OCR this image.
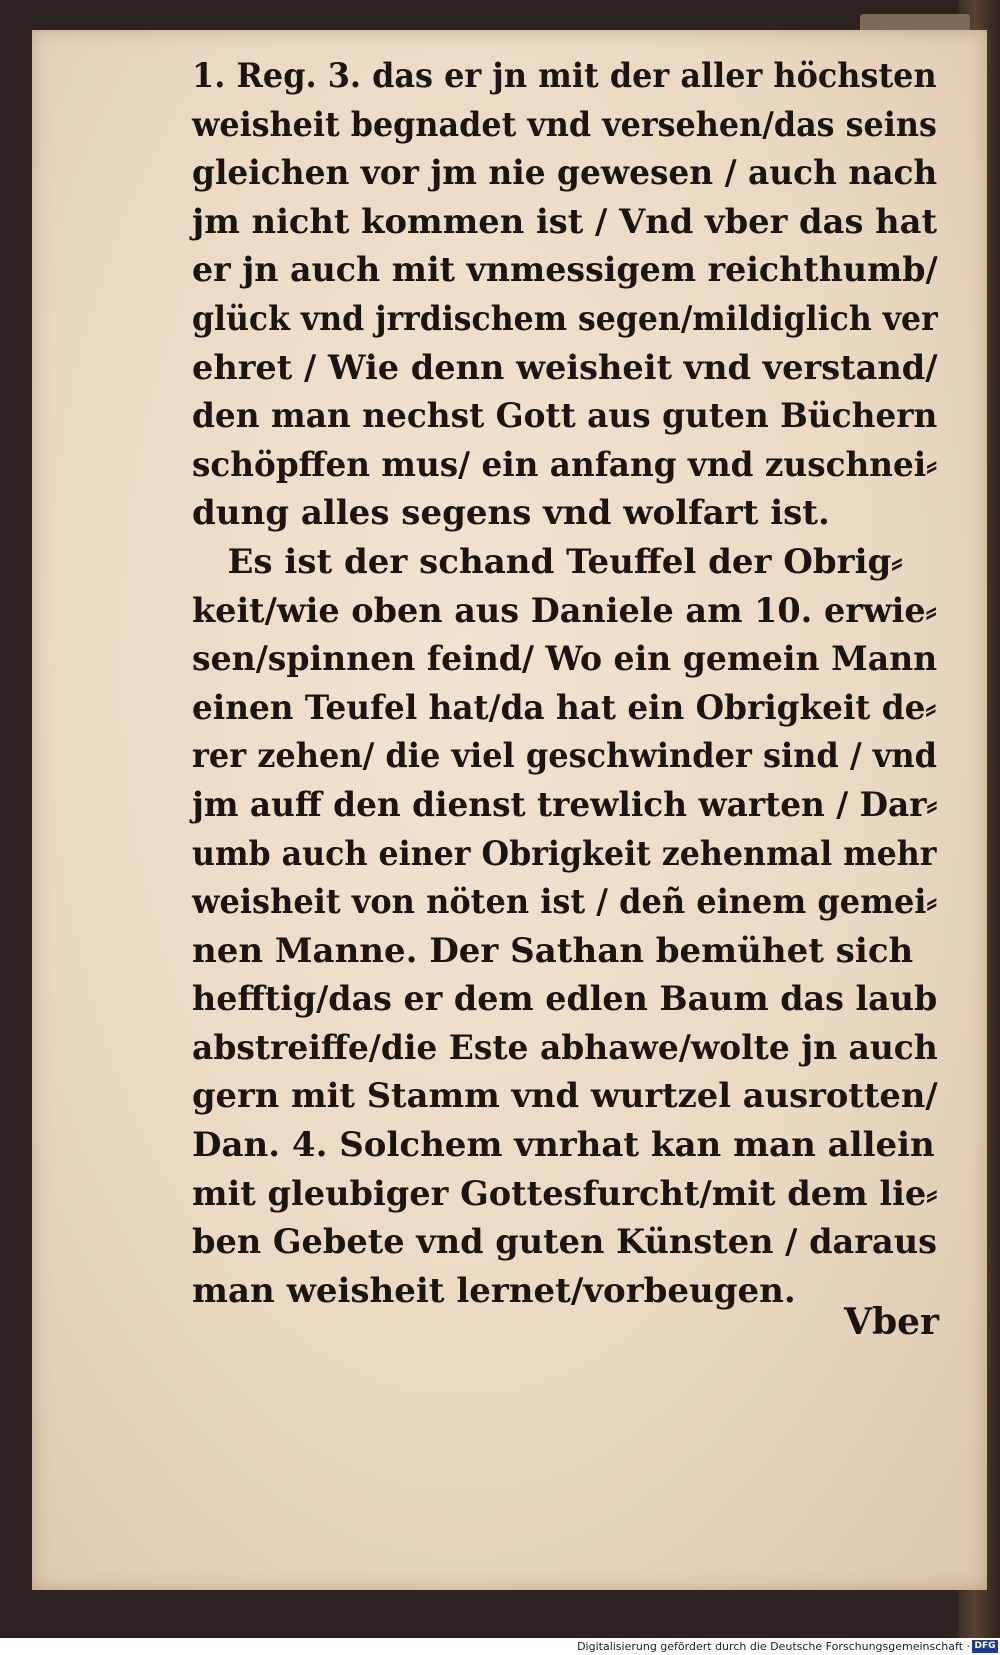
1. Reg. 3. das er jn mit der aller höchsten
weisheit begnadet vnd versehen/das seins
gleichen vor jm nie gewesen / auch nach
jm nicht kommen ist / Vnd vber das hat
er jn auch mit vnmessigem reichthumb/
glück vnd jrrdischem segen/mildiglich ver
ehret / Wie denn weisheit vnd verstand/
den man nechst Gott aus guten Büchern
schöpffen mus/ ein anfang vnd zuschnei⸗
dung alles segens vnd wolfart ist.
Es ist der schand Teuffel der Obrig⸗
keit/wie oben aus Daniele am 10. erwie⸗
sen/spinnen feind/ Wo ein gemein Mann
einen Teufel hat/da hat ein Obrigkeit de⸗
rer zehen/ die viel geschwinder sind / vnd
jm auff den dienst trewlich warten / Dar⸗
umb auch einer Obrigkeit zehenmal mehr
weisheit von nöten ist / deñ einem gemei⸗
nen Manne. Der Sathan bemühet sich
hefftig/das er dem edlen Baum das laub
abstreiffe/die Este abhawe/wolte jn auch
gern mit Stamm vnd wurtzel ausrotten/
Dan. 4. Solchem vnrhat kan man allein
mit gleubiger Gottesfurcht/mit dem lie⸗
ben Gebete vnd guten Künsten / daraus
man weisheit lernet/vorbeugen.
Vber
Digitalisierung gefördert durch die Deutsche Forschungsgemeinschaft · DFG
